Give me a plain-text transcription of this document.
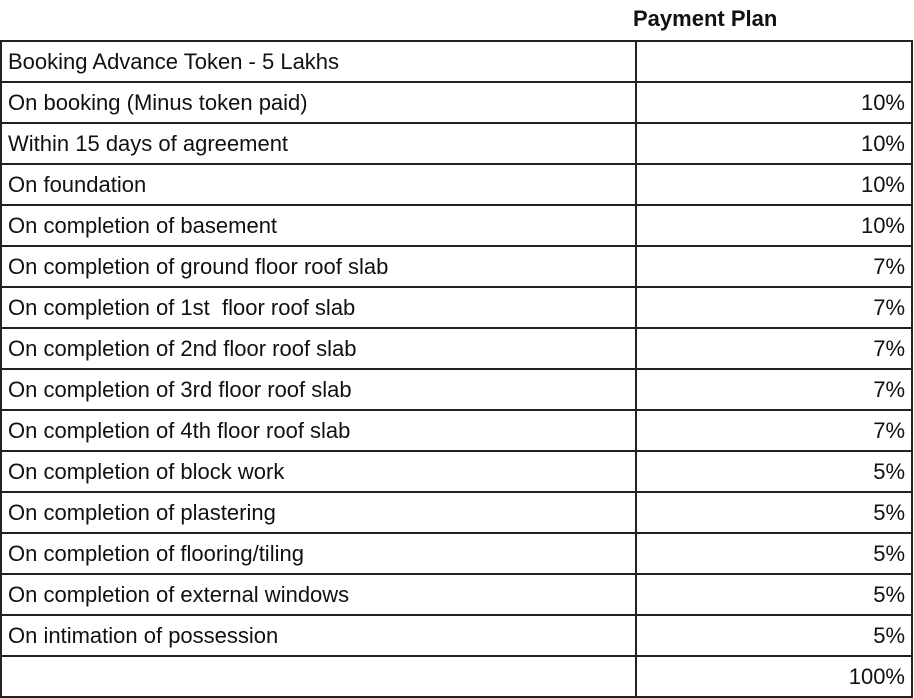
Payment Plan
Booking Advance Token - 5 Lakhs	
On booking (Minus token paid)	10%
Within 15 days of agreement	10%
On foundation	10%
On completion of basement	10%
On completion of ground floor roof slab	7%
On completion of 1st  floor roof slab	7%
On completion of 2nd floor roof slab	7%
On completion of 3rd floor roof slab	7%
On completion of 4th floor roof slab	7%
On completion of block work	5%
On completion of plastering	5%
On completion of flooring/tiling	5%
On completion of external windows	5%
On intimation of possession	5%
	100%
